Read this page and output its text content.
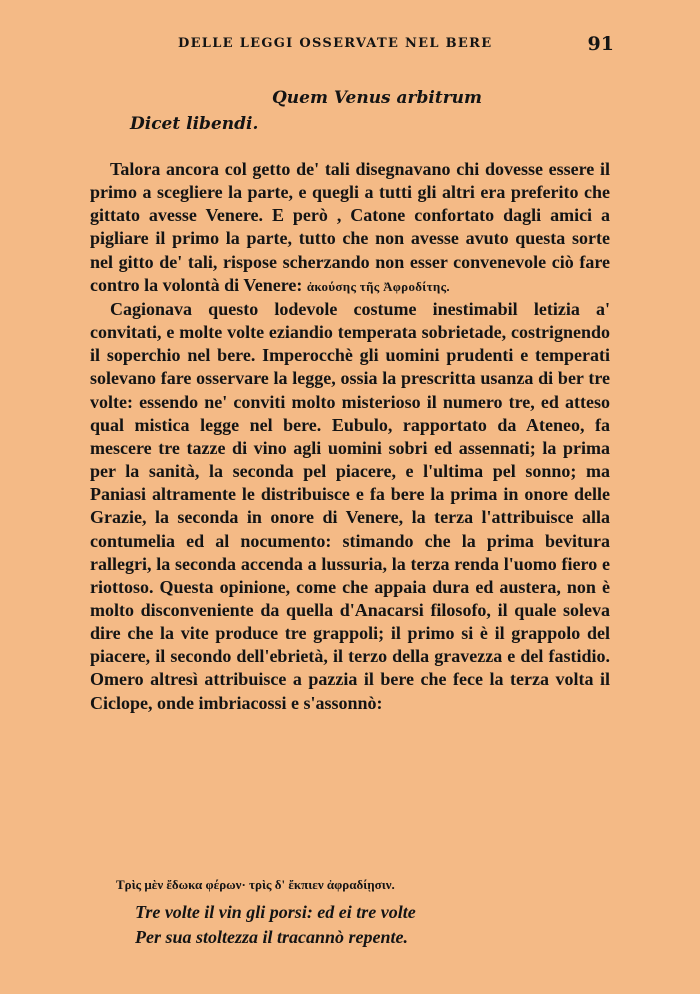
DELLE LEGGI OSSERVATE NEL BERE	91
Quem Venus arbitrum
Dicet libendi.

Talora ancora col getto de' tali disegnavano chi dovesse essere il primo a scegliere la parte, e quegli a tutti gli altri era preferito che gittato avesse Venere. E però , Catone confortato dagli amici a pigliare il primo la parte, tutto che non avesse avuto questa sorte nel gitto de' tali, rispose scherzando non esser convenevole ciò fare contro la volontà di Venere: ἀκούσης τῆς Ἀφροδίτης.

Cagionava questo lodevole costume inestimabil letizia a' convitati, e molte volte eziandio temperata sobrietade, costrignendo il soperchio nel bere. Imperocchè gli uomini prudenti e temperati solevano fare osservare la legge, ossia la prescritta usanza di ber tre volte: essendo ne' conviti molto misterioso il numero tre, ed atteso qual mistica legge nel bere. Eubulo, rapportato da Ateneo, fa mescere tre tazze di vino agli uomini sobri ed assennati; la prima per la sanità, la seconda pel piacere, e l'ultima pel sonno; ma Paniasi altramente le distribuisce e fa bere la prima in onore delle Grazie, la seconda in onore di Venere, la terza l'attribuisce alla contumelia ed al nocumento: stimando che la prima bevitura rallegri, la seconda accenda a lussuria, la terza renda l'uomo fiero e riottoso. Questa opinione, come che appaia dura ed austera, non è molto disconveniente da quella d'Anacarsi filosofo, il quale soleva dire che la vite produce tre grappoli; il primo si è il grappolo del piacere, il secondo dell'ebrietà, il terzo della gravezza e del fastidio. Omero altresì attribuisce a pazzia il bere che fece la terza volta il Ciclope, onde imbriacossi e s'assonnò:

Τρὶς μὲν ἔδωκα φέρων· τρὶς δ' ἔκπιεν ἀφραδίῃσιν.
Tre volte il vin gli porsi: ed ei tre volte
Per sua stoltezza il tracannò repente.
